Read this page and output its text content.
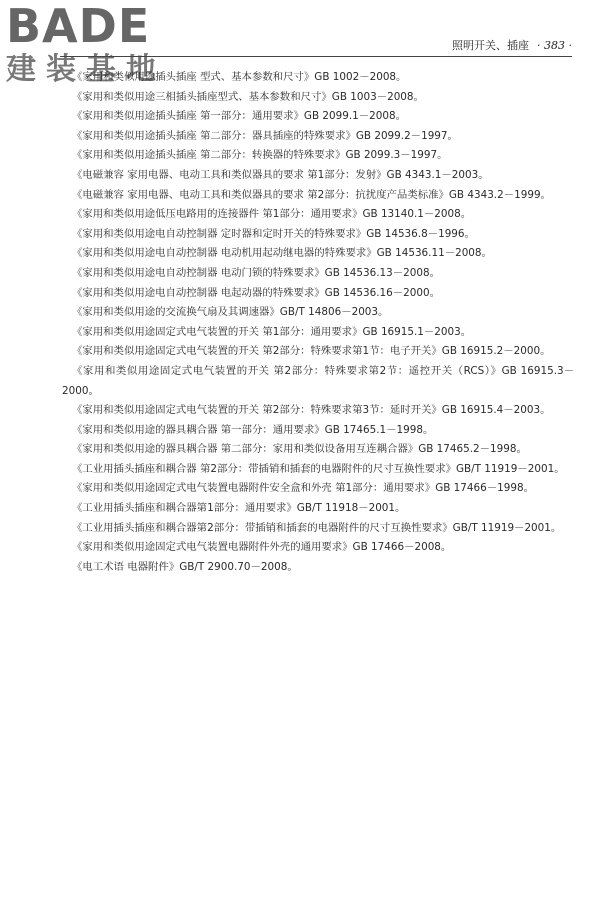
BADE
建装基地
照明开关、插座 · 383 ·

《家用和类似用途插头插座 型式、基本参数和尺寸》GB 1002－2008。

《家用和类似用途三相插头插座型式、基本参数和尺寸》GB 1003－2008。

《家用和类似用途插头插座 第一部分：通用要求》GB 2099.1－2008。

《家用和类似用途插头插座 第二部分：器具插座的特殊要求》GB 2099.2－1997。

《家用和类似用途插头插座 第二部分：转换器的特殊要求》GB 2099.3－1997。

《电磁兼容 家用电器、电动工具和类似器具的要求 第1部分：发射》GB 4343.1－2003。

《电磁兼容 家用电器、电动工具和类似器具的要求 第2部分：抗扰度产品类标准》GB 4343.2－1999。

《家用和类似用途低压电路用的连接器件 第1部分：通用要求》GB 13140.1－2008。

《家用和类似用途电自动控制器 定时器和定时开关的特殊要求》GB 14536.8－1996。

《家用和类似用途电自动控制器 电动机用起动继电器的特殊要求》GB 14536.11－2008。

《家用和类似用途电自动控制器 电动门锁的特殊要求》GB 14536.13－2008。

《家用和类似用途电自动控制器 电起动器的特殊要求》GB 14536.16－2000。

《家用和类似用途的交流换气扇及其调速器》GB/T 14806－2003。

《家用和类似用途固定式电气装置的开关 第1部分：通用要求》GB 16915.1－2003。

《家用和类似用途固定式电气装置的开关 第2部分：特殊要求第1节：电子开关》GB 16915.2－2000。

《家用和类似用途固定式电气装置的开关 第2部分：特殊要求第2节：遥控开关（RCS）》GB 16915.3－2000。

《家用和类似用途固定式电气装置的开关 第2部分：特殊要求第3节：延时开关》GB 16915.4－2003。

《家用和类似用途的器具耦合器 第一部分：通用要求》GB 17465.1－1998。

《家用和类似用途的器具耦合器 第二部分：家用和类似设备用互连耦合器》GB 17465.2－1998。

《工业用插头插座和耦合器 第2部分：带插销和插套的电器附件的尺寸互换性要求》GB/T 11919－2001。

《家用和类似用途固定式电气装置电器附件安全盒和外壳 第1部分：通用要求》GB 17466－1998。

《工业用插头插座和耦合器第1部分：通用要求》GB/T 11918－2001。

《工业用插头插座和耦合器第2部分：带插销和插套的电器附件的尺寸互换性要求》GB/T 11919－2001。

《家用和类似用途固定式电气装置电器附件外壳的通用要求》GB 17466－2008。

《电工术语 电器附件》GB/T 2900.70－2008。
